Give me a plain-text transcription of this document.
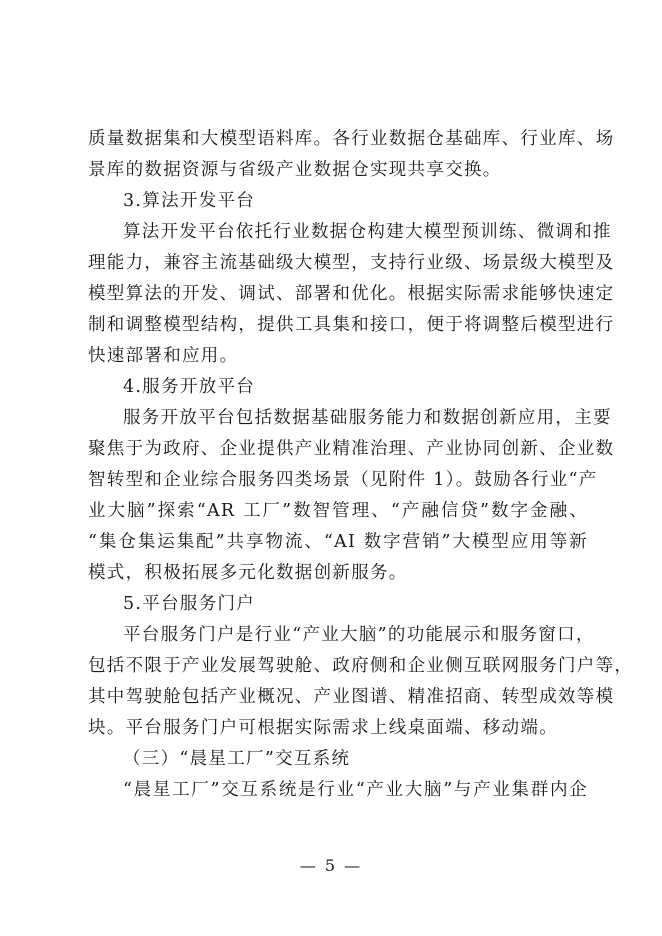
质量数据集和大模型语料库。各行业数据仓基础库、行业库、场
景库的数据资源与省级产业数据仓实现共享交换。
3.算法开发平台
算法开发平台依托行业数据仓构建大模型预训练、微调和推
理能力，兼容主流基础级大模型，支持行业级、场景级大模型及
模型算法的开发、调试、部署和优化。根据实际需求能够快速定
制和调整模型结构，提供工具集和接口，便于将调整后模型进行
快速部署和应用。
4.服务开放平台
服务开放平台包括数据基础服务能力和数据创新应用，主要
聚焦于为政府、企业提供产业精准治理、产业协同创新、企业数
智转型和企业综合服务四类场景（见附件 1）。鼓励各行业“产
业大脑”探索“AR 工厂”数智管理、“产融信贷”数字金融、
“集仓集运集配”共享物流、“AI 数字营销”大模型应用等新
模式，积极拓展多元化数据创新服务。
5.平台服务门户
平台服务门户是行业“产业大脑”的功能展示和服务窗口，
包括不限于产业发展驾驶舱、政府侧和企业侧互联网服务门户等，
其中驾驶舱包括产业概况、产业图谱、精准招商、转型成效等模
块。平台服务门户可根据实际需求上线桌面端、移动端。
（三）“晨星工厂”交互系统
“晨星工厂”交互系统是行业“产业大脑”与产业集群内企
— 5 —
